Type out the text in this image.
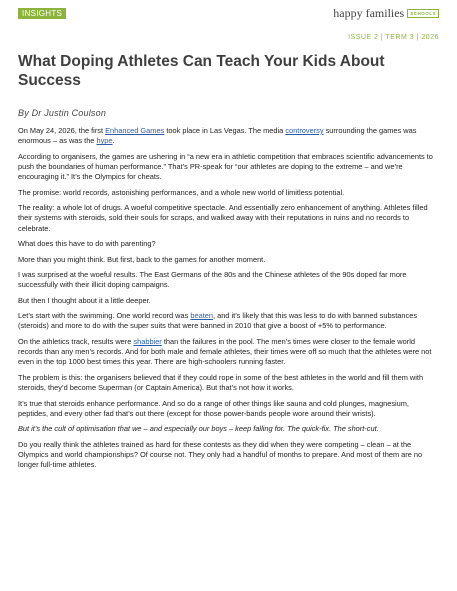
INSIGHTS	happy families	SCHOOLS
ISSUE 2 | TERM 3 | 2026
What Doping Athletes Can Teach Your Kids About Success
By Dr Justin Coulson

On May 24, 2026, the first Enhanced Games took place in Las Vegas. The media controversy surrounding the games was enormous – as was the hype.

According to organisers, the games are ushering in “a new era in athletic competition that embraces scientific advancements to push the boundaries of human performance.” That’s PR-speak for “our athletes are doping to the extreme – and we’re encouraging it.” It’s the Olympics for cheats.

The promise: world records, astonishing performances, and a whole new world of limitless potential.

The reality: a whole lot of drugs. A woeful competitive spectacle. And essentially zero enhancement of anything. Athletes filled their systems with steroids, sold their souls for scraps, and walked away with their reputations in ruins and no records to celebrate.

What does this have to do with parenting?

More than you might think. But first, back to the games for another moment.

I was surprised at the woeful results. The East Germans of the 80s and the Chinese athletes of the 90s doped far more successfully with their illicit doping campaigns.

But then I thought about it a little deeper.

Let’s start with the swimming. One world record was beaten, and it’s likely that this was less to do with banned substances (steroids) and more to do with the super suits that were banned in 2010 that give a boost of +5% to performance.

On the athletics track, results were shabbier than the failures in the pool. The men’s times were closer to the female world records than any men’s records. And for both male and female athletes, their times were off so much that the athletes were not even in the top 1000 best times this year. There are high-schoolers running faster.

The problem is this: the organisers believed that if they could rope in some of the best athletes in the world and fill them with steroids, they’d become Superman (or Captain America). But that’s not how it works.

It’s true that steroids enhance performance. And so do a range of other things like sauna and cold plunges, magnesium, peptides, and every other fad that’s out there (except for those power-bands people wore around their wrists).

But it’s the cult of optimisation that we – and especially our boys – keep falling for. The quick-fix. The short-cut.

Do you really think the athletes trained as hard for these contests as they did when they were competing – clean – at the Olympics and world championships? Of course not. They only had a handful of months to prepare. And most of them are no longer full-time athletes.
